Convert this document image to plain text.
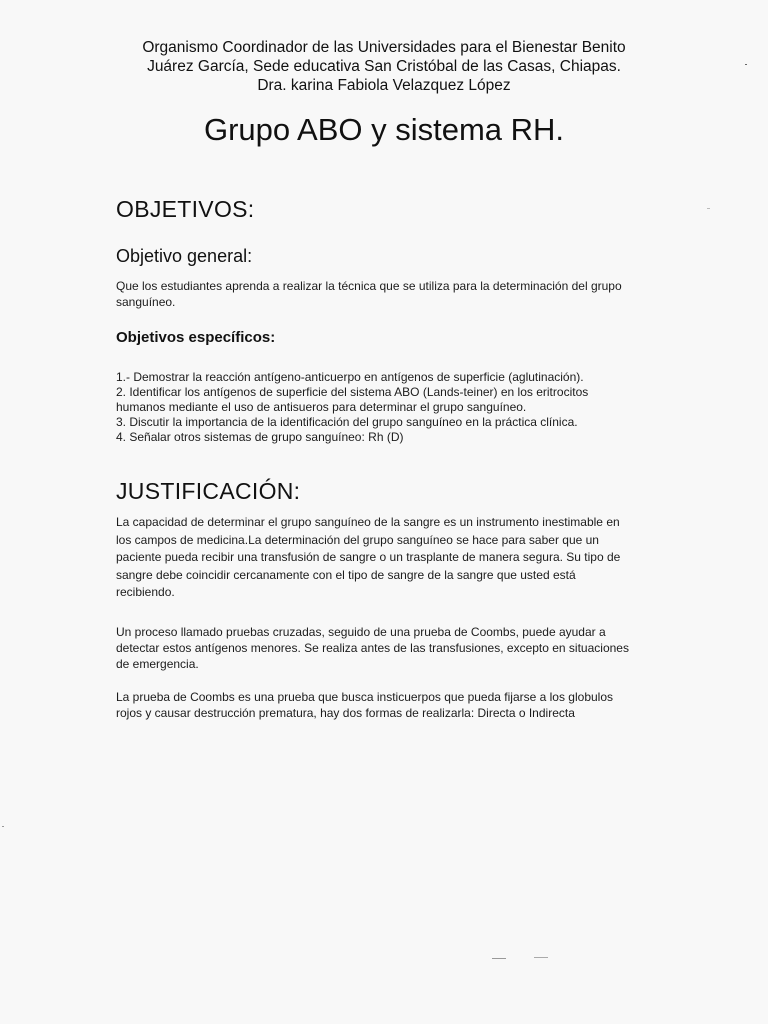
Organismo Coordinador de las Universidades para el Bienestar Benito
Juárez García, Sede educativa San Cristóbal de las Casas, Chiapas.
Dra. karina Fabiola Velazquez López
Grupo ABO y sistema RH.
OBJETIVOS:
Objetivo general:
Que los estudiantes aprenda a realizar la técnica que se utiliza para la determinación del grupo sanguíneo.
Objetivos específicos:
1.- Demostrar la reacción antígeno-anticuerpo en antígenos de superficie (aglutinación).
2. Identificar los antígenos de superficie del sistema ABO (Lands-teiner) en los eritrocitos humanos mediante el uso de antisueros para determinar el grupo sanguíneo.
3. Discutir la importancia de la identificación del grupo sanguíneo en la práctica clínica.
4. Señalar otros sistemas de grupo sanguíneo: Rh (D)
JUSTIFICACIÓN:
La capacidad de determinar el grupo sanguíneo de la sangre es un instrumento inestimable en los campos de medicina.La determinación del grupo sanguíneo se hace para saber que un paciente pueda recibir una transfusión de sangre o un trasplante de manera segura. Su tipo de sangre debe coincidir cercanamente con el tipo de sangre de la sangre que usted está recibiendo.
Un proceso llamado pruebas cruzadas, seguido de una prueba de Coombs, puede ayudar a detectar estos antígenos menores. Se realiza antes de las transfusiones, excepto en situaciones de emergencia.
La prueba de Coombs es una prueba que busca insticuerpos que pueda fijarse a los globulos rojos y causar destrucción prematura, hay dos formas de realizarla: Directa o Indirecta
